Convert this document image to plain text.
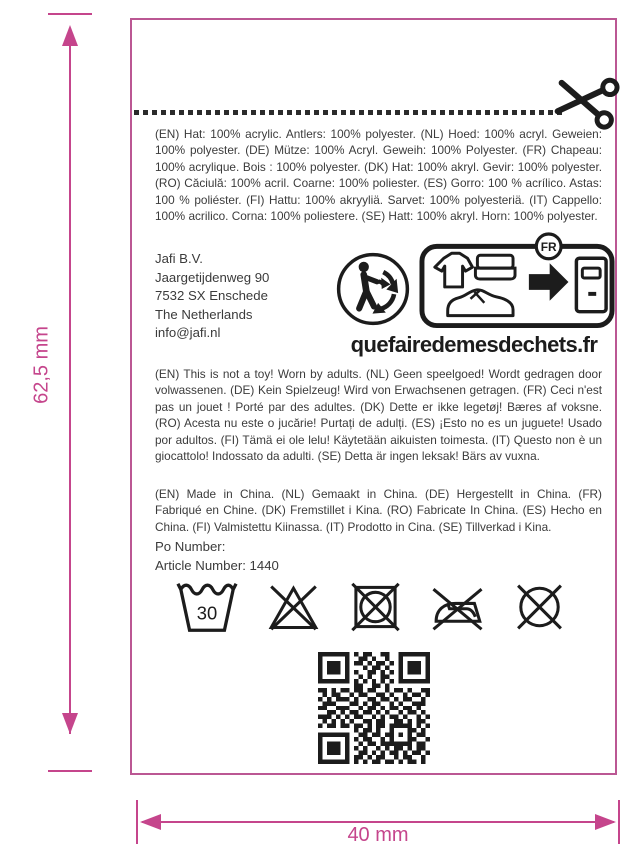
62,5 mm
40 mm
(EN) Hat: 100% acrylic. Antlers: 100% polyester. (NL) Hoed: 100% acryl. Geweien: 100% polyester. (DE) Mütze: 100% Acryl. Geweih: 100% Polyester. (FR) Chapeau: 100% acrylique. Bois : 100% polyester. (DK) Hat: 100% akryl. Gevir: 100% polyester. (RO) Căciulă: 100% acril. Coarne: 100% poliester. (ES) Gorro: 100 % acrílico. Astas: 100 % poliéster. (FI) Hattu: 100% akryyliä. Sarvet: 100% polyesteriä. (IT) Cappello: 100% acrilico. Corna: 100% poliestere. (SE) Hatt: 100% akryl. Horn: 100% polyester.
Jafi B.V.
Jaargetijdenweg 90
7532 SX Enschede
The Netherlands
info@jafi.nl
FR
quefairedemesdechets.fr
(EN) This is not a toy! Worn by adults. (NL) Geen speelgoed! Wordt gedragen door volwassenen. (DE) Kein Spielzeug! Wird von Erwachsenen getragen. (FR) Ceci n'est pas un jouet ! Porté par des adultes. (DK) Dette er ikke legetøj! Bæres af voksne. (RO) Acesta nu este o jucărie! Purtați de adulți. (ES) ¡Esto no es un juguete! Usado por adultos. (FI) Tämä ei ole lelu! Käytetään aikuisten toimesta. (IT) Questo non è un giocattolo! Indossato da adulti. (SE) Detta är ingen leksak! Bärs av vuxna.
(EN) Made in China. (NL) Gemaakt in China. (DE) Hergestellt in China. (FR) Fabriqué en Chine. (DK) Fremstillet i Kina. (RO) Fabricate In China. (ES) Hecho en China. (FI) Valmistettu Kiinassa. (IT) Prodotto in Cina. (SE) Tillverkad i Kina.
Po Number:
Article Number: 1440
30
